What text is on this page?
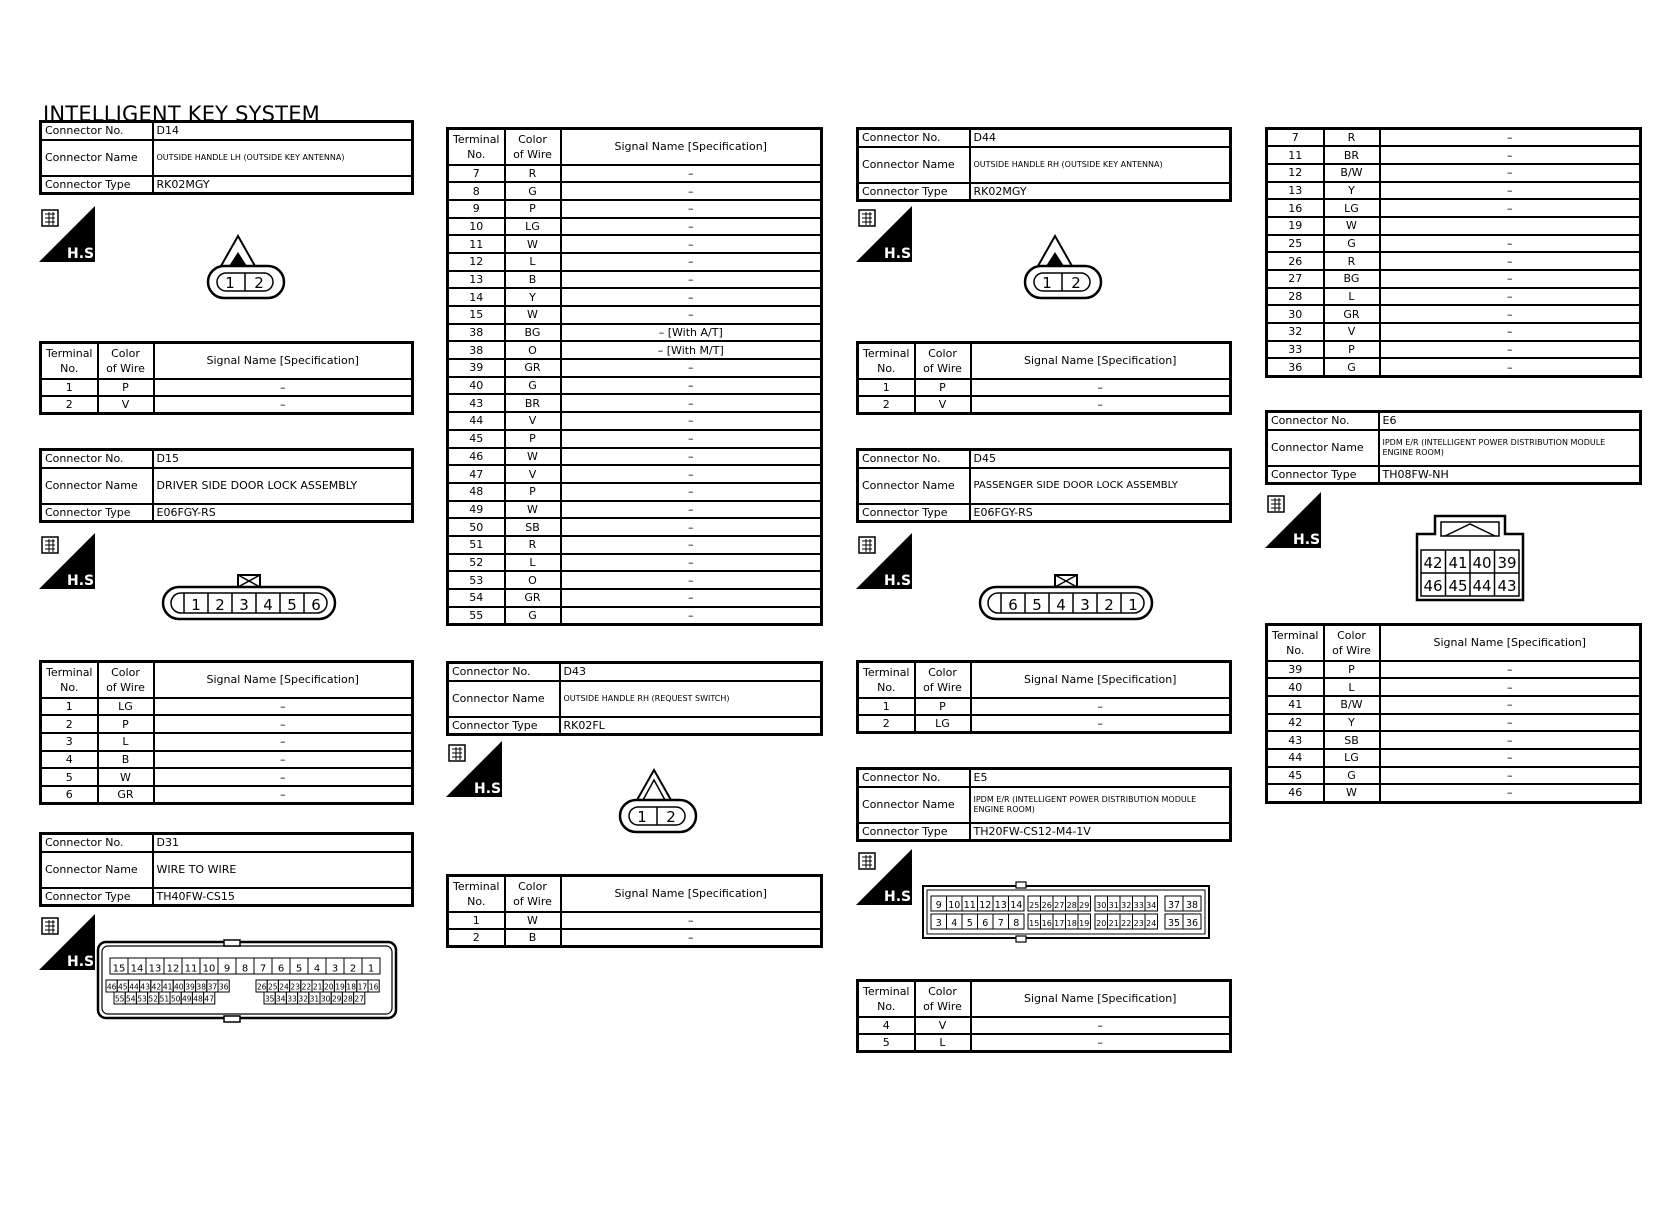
INTELLIGENT KEY SYSTEM
Connector No.	D14
Connector Name	OUTSIDE HANDLE LH (OUTSIDE KEY ANTENNA)
Connector Type	RK02MGY
H.S.
1 2
Terminal
No.	Color
of Wire	Signal Name [Specification]
1	P	–
2	V	–
Connector No.	D15
Connector Name	DRIVER SIDE DOOR LOCK ASSEMBLY
Connector Type	E06FGY-RS
H.S.
1 2 3 4 5 6
Terminal
No.	Color
of Wire	Signal Name [Specification]
1	LG	–
2	P	–
3	L	–
4	B	–
5	W	–
6	GR	–
Connector No.	D31
Connector Name	WIRE TO WIRE
Connector Type	TH40FW-CS15
H.S. 15 14 13 12 11 10 9 8 7 6 5 4 3 2 1
46 45 44 43 42 41 40 39 38 37 36	26 25 24 23 22 21 20 19 18 17 16
55 54 53 52 51 50 49 48 47	35 34 33 32 31 30 29 28 27
Terminal
No.	Color
of Wire	Signal Name [Specification]
7	R	–
8	G	–
9	P	–
10	LG	–
11	W	–
12	L	–
13	B	–
14	Y	–
15	W	–
38	BG	– [With A/T]
38	O	– [With M/T]
39	GR	–
40	G	–
43	BR	–
44	V	–
45	P	–
46	W	–
47	V	–
48	P	–
49	W	–
50	SB	–
51	R	–
52	L	–
53	O	–
54	GR	–
55	G	–
Connector No.	D43
Connector Name	OUTSIDE HANDLE RH (REQUEST SWITCH)
Connector Type	RK02FL
H.S.
1 2
Terminal
No.	Color
of Wire	Signal Name [Specification]
1	W	–
2	B	–
Connector No.	D44
Connector Name	OUTSIDE HANDLE RH (OUTSIDE KEY ANTENNA)
Connector Type	RK02MGY
H.S.
1 2
Terminal
No.	Color
of Wire	Signal Name [Specification]
1	P	–
2	V	–
Connector No.	D45
Connector Name	PASSENGER SIDE DOOR LOCK ASSEMBLY
Connector Type	E06FGY-RS
H.S.
6 5 4 3 2 1
Terminal
No.	Color
of Wire	Signal Name [Specification]
1	P	–
2	LG	–
Connector No.	E5
Connector Name	IPDM E/R (INTELLIGENT POWER DISTRIBUTION MODULE ENGINE ROOM)
Connector Type	TH20FW-CS12-M4-1V
H.S.
9 10 11 12 13 14 25 26 27 28 29 30 31 32 33 34 37 38
3 4 5 6 7 8 15 16 17 18 19 20 21 22 23 24 35 36
Terminal
No.	Color
of Wire	Signal Name [Specification]
4	V	–
5	L	–
7	R	–
11	BR	–
12	B/W	–
13	Y	–
16	LG	–
19	W	
25	G	–
26	R	–
27	BG	–
28	L	–
30	GR	–
32	V	–
33	P	–
36	G	–
Connector No.	E6
Connector Name	IPDM E/R (INTELLIGENT POWER DISTRIBUTION MODULE ENGINE ROOM)
Connector Type	TH08FW-NH
H.S.
42 41 40 39
46 45 44 43
Terminal
No.	Color
of Wire	Signal Name [Specification]
39	P	–
40	L	–
41	B/W	–
42	Y	–
43	SB	–
44	LG	–
45	G	–
46	W	–
